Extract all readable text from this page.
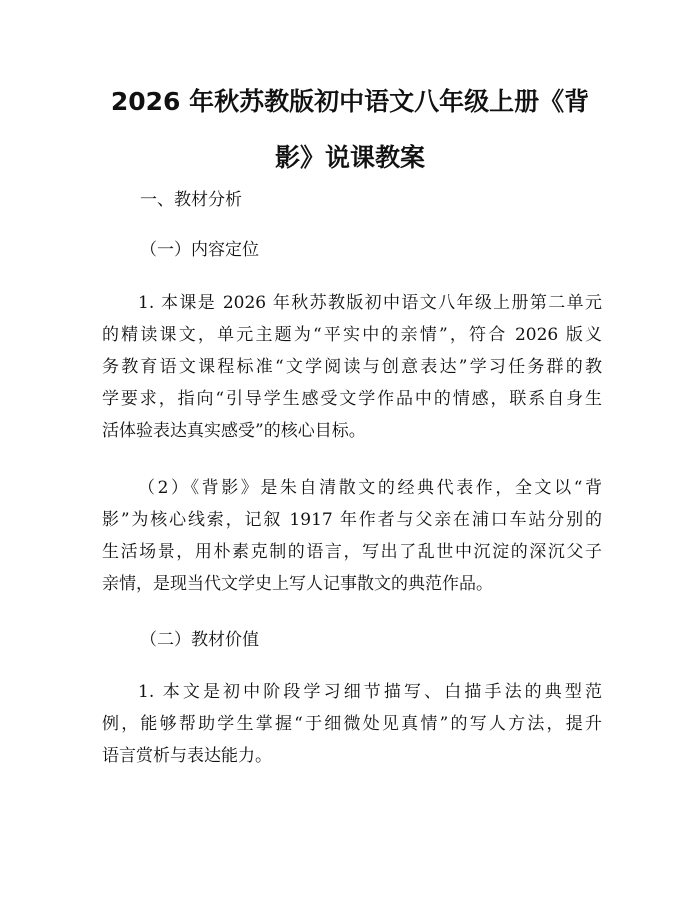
2026 年秋苏教版初中语文八年级上册《背
影》说课教案

一、教材分析

（一）内容定位

1. 本课是 2026 年秋苏教版初中语文八年级上册第二单元
的精读课文，单元主题为“平实中的亲情”，符合 2026 版义
务教育语文课程标准“文学阅读与创意表达”学习任务群的教
学要求，指向“引导学生感受文学作品中的情感，联系自身生
活体验表达真实感受”的核心目标。
（2）《背影》是朱自清散文的经典代表作，全文以“背
影”为核心线索，记叙 1917 年作者与父亲在浦口车站分别的
生活场景，用朴素克制的语言，写出了乱世中沉淀的深沉父子
亲情，是现当代文学史上写人记事散文的典范作品。

（二）教材价值

1. 本文是初中阶段学习细节描写、白描手法的典型范
例，能够帮助学生掌握“于细微处见真情”的写人方法，提升
语言赏析与表达能力。
